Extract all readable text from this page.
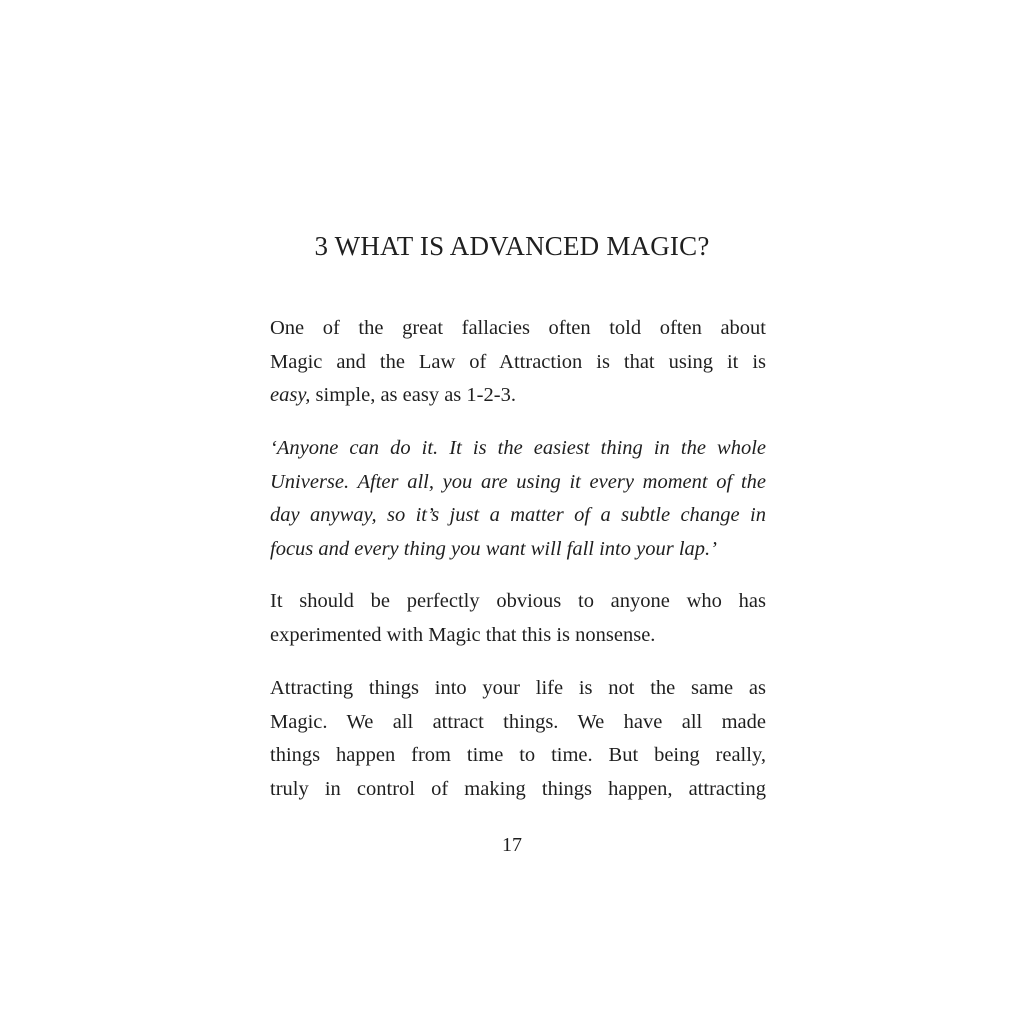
3 WHAT IS ADVANCED MAGIC?

One of the great fallacies often told often about
Magic and the Law of Attraction is that using it is
easy, simple, as easy as 1-2-3.

‘Anyone can do it. It is the easiest thing in the whole
Universe. After all, you are using it every moment of the
day anyway, so it’s just a matter of a subtle change in
focus and every thing you want will fall into your lap.’

It should be perfectly obvious to anyone who has
experimented with Magic that this is nonsense.

Attracting things into your life is not the same as
Magic. We all attract things. We have all made
things happen from time to time. But being really,
truly in control of making things happen, attracting

17
